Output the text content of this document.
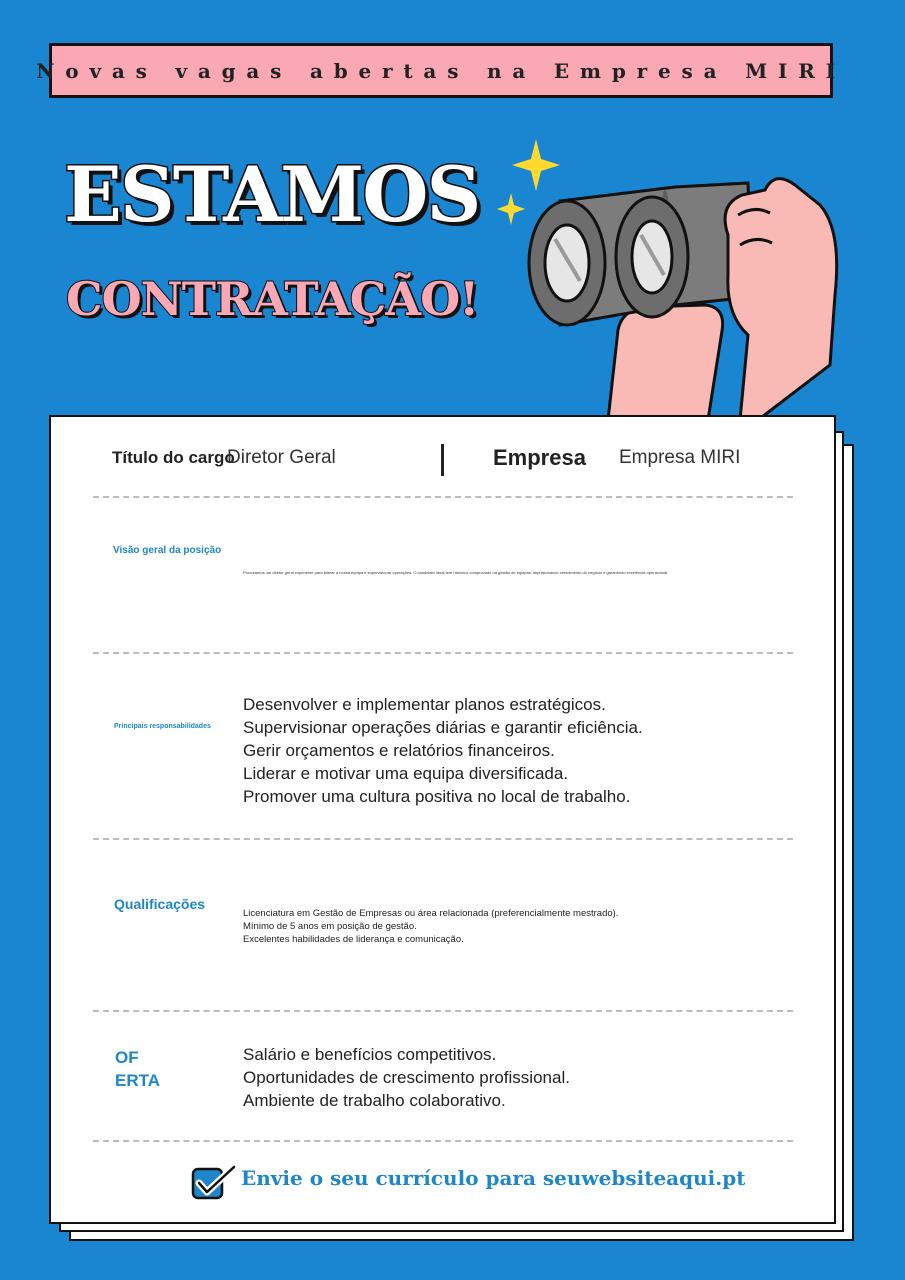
Novas vagas abertas na Empresa MIRI
ESTAMOS
CONTRATAÇÃO!
Título do cargo
Diretor Geral	Empresa Empresa MIRI
Visão geral da posição
Procuramos um diretor geral experiente para liderar a nossa equipa e supervisionar operações. O candidato ideal tem histórico comprovado na gestão de equipas, impulsionando crescimento do negócio e garantindo excelência operacional.
Principais responsabilidades
Desenvolver e implementar planos estratégicos.
Supervisionar operações diárias e garantir eficiência.
Gerir orçamentos e relatórios financeiros.
Liderar e motivar uma equipa diversificada.
Promover uma cultura positiva no local de trabalho.
Qualificações
Licenciatura em Gestão de Empresas ou área relacionada (preferencialmente mestrado).
Mínimo de 5 anos em posição de gestão.
Excelentes habilidades de liderança e comunicação.
OF
ERTA
Salário e benefícios competitivos.
Oportunidades de crescimento profissional.
Ambiente de trabalho colaborativo.
Envie o seu currículo para seuwebsiteaqui.pt
